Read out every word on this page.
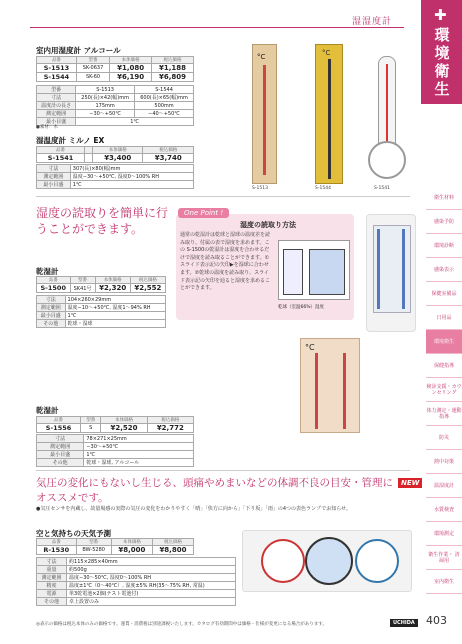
湿湿度計	✚
環境衛生
衛生材料
感染予防
環境診断
感染表示
保健室備品
日用品
環境衛生
保健指導
検診支援・カウンセリング
体力測定・運動指導
防災
熱中対策
温湿度計
水質検査
環境測定
衛生作業・ 清掃用
室内衛生
室内用湿度計 アルコール
品番	型番	本体価格	税込価格
S-1513	SK-0637	¥1,080	¥1,188
S-1544	SK-60	¥6,190	¥6,809
型番	S-1513	S-1544
寸法	250(長)×42(幅)mm	600(長)×65(幅)mm
温度計の長さ	175mm	500mm
測定範囲	−30～+50℃	−40～+50℃
最小目盛	1℃	
●素材：木
湿温度計 ミルノ EX
品番		本体価格	税込価格
S-1541		¥3,400	¥3,740
寸法	307(長)×80(幅)mm
測定範囲	温度−30～+50℃, 湿度0～100% RH
最小目盛	1℃
°C	°C
S-1513	S-1544	S-1541
湿度の読取りを簡単に行うことができます。
One Point !
湿度の読取り方法
通常の乾湿計は乾球と湿球の温度差を読み取り、付属の表で湿度を求めます。この S-1500の乾湿計は湿度を合わせるだけで湿度を読み取ることができます。①スライド表示記の矢印▶を湿球に合わせます。②乾球の温度を読み取り、スライド表示記の矢印を辿ると湿度を求めることができます。
乾球（室温66%）湿度
乾湿計
品番	型番	本体価格	税込価格
S-1500	SK41号	¥2,320	¥2,552
寸法	104×260×29mm
測定範囲	温度−10～+50℃, 湿度1～94% RH
最小目盛	1℃
その他	乾球・湿球
°C
乾湿計
品番	型番	本体価格	税込価格
S-1556	S	¥2,520	¥2,772
寸法	78×271×25mm
測定範囲	−30～+50℃
最小目盛	1℃
その他	乾球・湿球, アルコール
気圧の変化にもないし生じる、頭痛やめまいなどの体調不良の目安・管理にオススメです。
NEW
●気圧センサを内蔵し、故量場感の実際の気圧の変化をわかりやすく「晴」「快方に向から」「下り坂」「雨」の4つの表色ランプでお知らせ。
空と気持ちの天気予測
品番	型番	本体価格	税込価格
R-1530	BW-5280	¥8,000	¥8,800
寸法	約115×285×40mm
重量	約500g
測定範囲	温度−30～50℃, 湿度0～100% RH
精度	温度±1℃（0～40℃）, 湿度±5% RH(35～75% RH, 常温)
電源	単3乾電池×2個(テスト電池付)
その他	卓上設置のみ
◎表示の価格は税込本体のみの価格です。運賃・消費税は別途課税いたします。カタログ有効期間中は価格・仕様が変更になる場合があります。	UCHIDA 403
